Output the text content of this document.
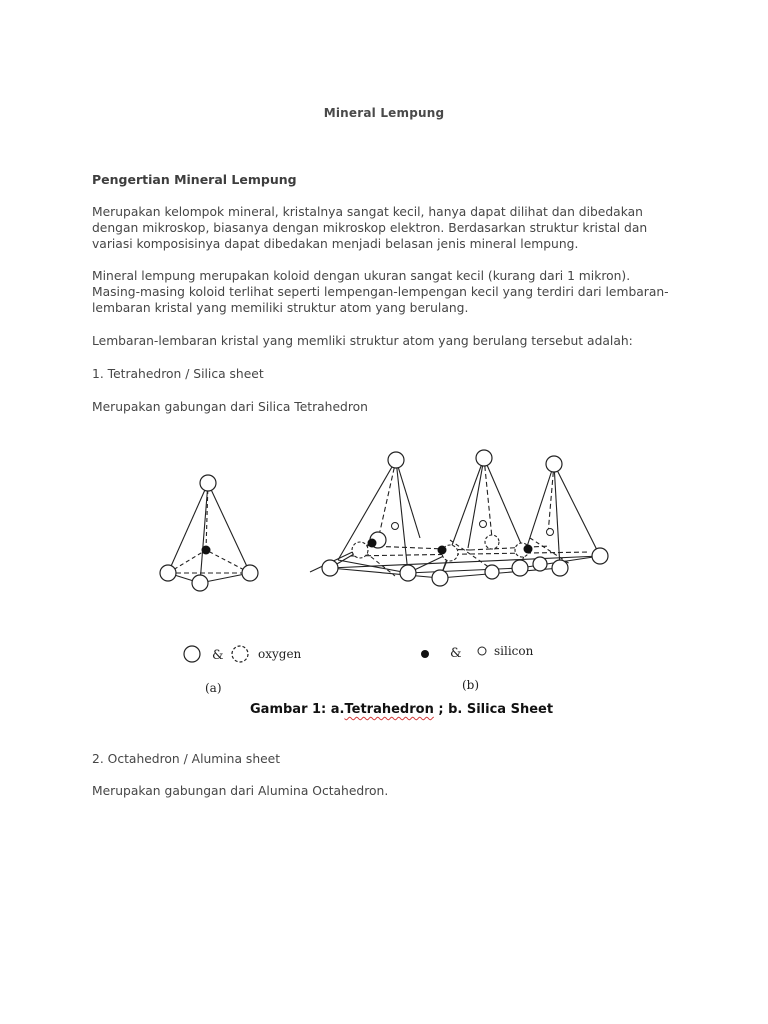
Mineral Lempung
Pengertian Mineral Lempung

Merupakan kelompok mineral, kristalnya sangat kecil, hanya dapat dilihat dan dibedakan dengan mikroskop, biasanya dengan mikroskop elektron. Berdasarkan struktur kristal dan variasi komposisinya dapat dibedakan menjadi belasan jenis mineral lempung.

Mineral lempung merupakan koloid dengan ukuran sangat kecil (kurang dari 1 mikron). Masing-masing koloid terlihat seperti lempengan-lempengan kecil yang terdiri dari lembaran-lembaran kristal yang memiliki struktur atom yang berulang.

Lembaran-lembaran kristal yang memliki struktur atom yang berulang tersebut adalah:

1. Tetrahedron / Silica sheet

Merupakan gabungan dari Silica Tetrahedron

&	oxygen	&	silicon
(a)	(b)
Gambar 1: a.Tetrahedron ; b. Silica Sheet

2. Octahedron / Alumina sheet

Merupakan gabungan dari Alumina Octahedron.
